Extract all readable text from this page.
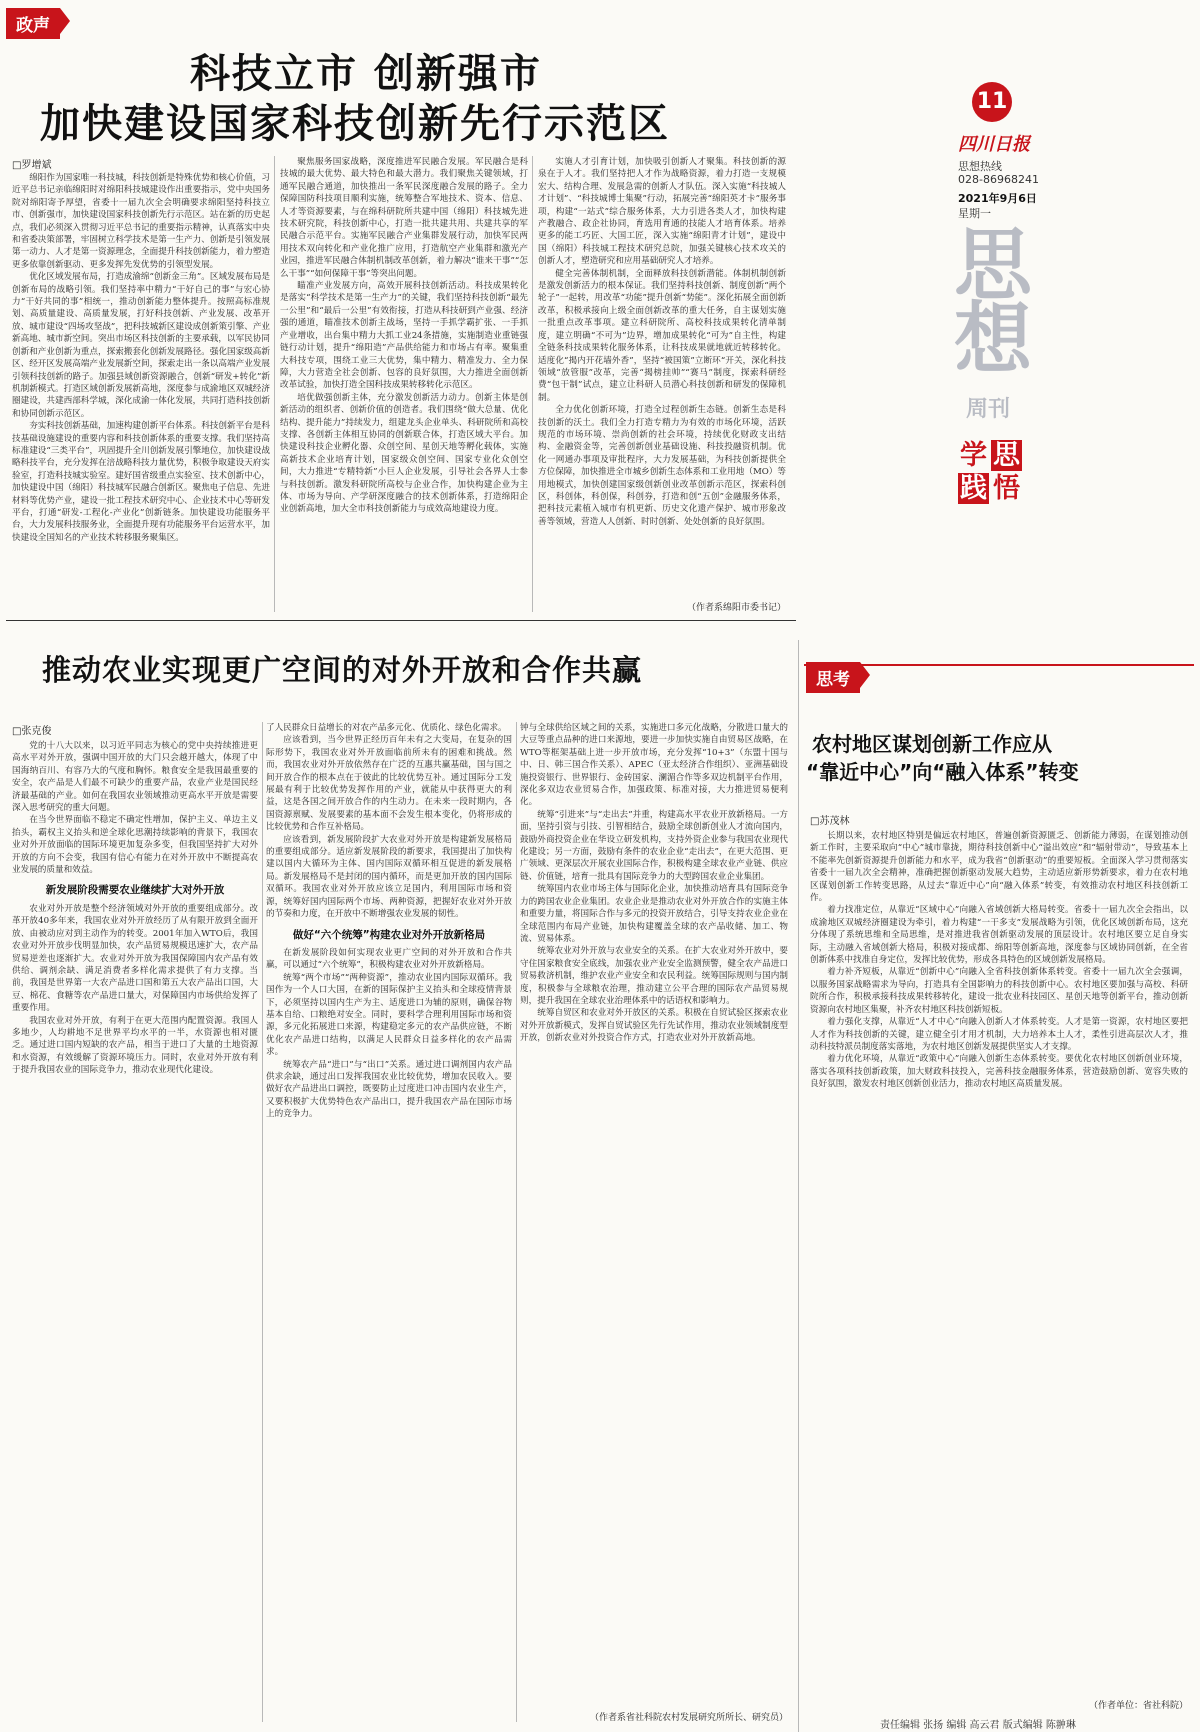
政声
科技立市 创新强市
加快建设国家科技创新先行示范区
□罗增斌

绵阳作为国家唯一科技城，科技创新是特殊优势和核心价值，习近平总书记亲临绵阳时对绵阳科技城建设作出重要指示，党中央国务院对绵阳寄予厚望，省委十一届九次全会明确要求绵阳坚持科技立市、创新强市，加快建设国家科技创新先行示范区。站在新的历史起点，我们必须深入贯彻习近平总书记的重要指示精神，认真落实中央和省委决策部署，牢固树立科学技术是第一生产力、创新是引领发展第一动力、人才是第一资源理念，全面提升科技创新能力，着力塑造更多依靠创新驱动、更多发挥先发优势的引领型发展。

优化区域发展布局，打造成渝绵“创新金三角”。区域发展布局是创新布局的战略引领。我们坚持率中精力“干好自己的事”与宏心协力“干好共同的事”相统一，推动创新能力整体提升。按照高标准规划、高质量建设、高质量发展，打好科技创新、产业发展、改革开放、城市建设“四场攻坚战”，把科技城新区建设成创新策引擎、产业新高地、城市新空间。突出市场区科技创新的主要承载，以军民协同创新和产业创新为重点，探索搬套化创新发展路径。强化国家级高新区、经开区发展高端产业发展新空间，探索走出一条以高端产业发展引领科技创新的路子。加强县域创新资源融合，创新“研发+转化”新机制新模式。打造区域创新发展新高地，深度参与成渝地区双城经济圈建设，共建西部科学城，深化成渝一体化发展，共同打造科技创新和协同创新示范区。

夯实科技创新基础，加速构建创新平台体系。科技创新平台是科技基础设施建设的重要内容和科技创新体系的重要支撑。我们坚持高标准建设“三类平台”，巩固提升全川创新发展引擎地位，加快建设战略科技平台，充分发挥在涪战略科技力量优势，积极争取建设天府实验室，打造科技城实验室。建好国省级重点实验室、技术创新中心，加快建设中国（绵阳）科技城军民融合创新区。聚焦电子信息、先进材料等优势产业，建设一批工程技术研究中心、企业技术中心等研发平台，打通“研发-工程化-产业化”创新链条。加快建设功能服务平台，大力发展科技服务业，全面提升现有功能服务平台运营水平，加快建设全国知名的产业技术转移服务聚集区。

聚焦服务国家战略，深度推进军民融合发展。军民融合是科技城的最大优势、最大特色和最大潜力。我们聚焦关键领域，打通军民融合通道，加快推出一条军民深度融合发展的路子。全力保障国防科技项目顺利实施，统筹整合军地技术、资本、信息、人才等资源要素，与在绵科研院所共建中国（绵阳）科技城先进技术研究院，科技创新中心，打造一批共建共用、共建共享的军民融合示范平台。实施军民融合产业集群发展行动，加快军民两用技术双向转化和产业化推广应用，打造航空产业集群和激光产业园，推进军民融合体制机制改革创新，着力解决“谁来干事”“怎么干事”“如何保障干事”等突出问题。

瞄准产业发展方向，高效开展科技创新活动。科技成果转化是落实“科学技术是第一生产力”的关键，我们坚持科技创新“最先一公里”和“最后一公里”有效衔接，打造从科技研到产业强、经济强的通道，瞄准技术创新主战场，坚持一手抓学霸扩张、一手抓产业增收，出台集中精力大抓工业24条措施，实施制造业重链强链行动计划，提升“绵阳造”产品供给能力和市场占有率。聚集重大科技专项，围绕工业三大优势，集中精力、精准发力、全力保障，大力营造全社会创新、包容的良好氛围，大力推进全面创新改革试验，加快打造全国科技成果转移转化示范区。

培优做强创新主体，充分激发创新活力动力。创新主体是创新活动的组织者、创新价值的创造者。我们围绕“做大总量、优化结构、提升能力”持续发力，组建龙头企业单头、科研院所和高校支撑、各创新主体相互协同的创新联合体，打造区域大平台。加快建设科技企业孵化器、众创空间、星创天地等孵化载体，实施高新技术企业培育计划，国家级众创空间、国家专业化众创空间，大力推进“专精特新”小巨人企业发展，引导社会各界人士参与科技创新。激发科研院所高校与企业合作，加快构建企业为主体、市场为导向、产学研深度融合的技术创新体系，打造绵阳企业创新高地，加大全市科技创新能力与成效高地建设力度。

实施人才引育计划，加快吸引创新人才聚集。科技创新的源泉在于人才。我们坚持把人才作为战略资源，着力打造一支规模宏大、结构合理、发展急需的创新人才队伍。深入实施“科技城人才计划”、“科技城博士集聚”行动，拓展完善“绵阳英才卡”服务事项，构建“一站式”综合服务体系，大力引进各类人才，加快构建产教融合、政企社协同，育选用育通的技能人才培育体系。培养更多的能工巧匠、大国工匠，深入实施“绵阳青才计划”，建设中国（绵阳）科技城工程技术研究总院，加强关键核心技术攻关的创新人才，塑造研究和应用基础研究人才培养。

健全完善体制机制，全面释放科技创新潜能。体制机制创新是激发创新活力的根本保证。我们坚持科技创新、制度创新“两个轮子”一起转，用改革“功能”提升创新“势能”。深化拓展全面创新改革，积极承接向上级全面创新改革的重大任务，自主谋划实施一批重点改革事项。建立科研院所、高校科技成果转化清单制度，建立明确“不可为”边界，增加成果转化“可为”自主性，构建全链条科技成果转化服务体系，让科技成果就地就近转移转化。适度化“揭内开花墙外香”，坚持“被国策”立断环“开关，深化科技领域“放管服”改革，完善“揭榜挂帅”“赛马”制度，探索科研经费“包干制”试点，建立让科研人员潜心科技创新和研发的保障机制。

全力优化创新环境，打造全过程创新生态链。创新生态是科技创新的沃土。我们全力打造专精力为有效的市场化环境，活跃规范的市场环境、崇尚创新的社会环境，持续优化财政支出结构、金融资金等，完善创新创业基础设施、科技投融资机制。优化一网通办事项及审批程序，大力发展基础，为科技创新提供全方位保障，加快推进全市城乡创新生态体系和工业用地（MO）等用地模式，加快创建国家级创新创业改革创新示范区，探索科创区，科创体，科创保，科创券，打造和创“五创”金融服务体系，把科技元素植入城市有机更新、历史文化遗产保护、城市形象改善等领域，营造人人创新、时时创新、处处创新的良好氛围。

（作者系绵阳市委书记）
推动农业实现更广空间的对外开放和合作共赢
□张克俊

党的十八大以来，以习近平同志为核心的党中央持续推进更高水平对外开放，强调中国开放的大门只会越开越大，体现了中国海纳百川、有容乃大的气度和胸怀。粮食安全是我国最重要的安全，农产品是人们最不可缺少的重要产品，农业产业是国民经济最基础的产业。如何在我国农业领域推动更高水平开放是需要深入思考研究的重大问题。

在当今世界面临不稳定不确定性增加，保护主义、单边主义抬头，霸权主义抬头和逆全球化思潮持续影响的背景下，我国农业对外开放面临的国际环境更加复杂多变，但我国坚持扩大对外开放的方向不会变，我国有信心有能力在对外开放中不断提高农业发展的质量和效益。

新发展阶段需要农业继续扩大对外开放

农业对外开放是整个经济领域对外开放的重要组成部分。改革开放40多年来，我国农业对外开放经历了从有限开放到全面开放、由被动应对到主动作为的转变。2001年加入WTO后，我国农业对外开放步伐明显加快，农产品贸易规模迅速扩大，农产品贸易逆差也逐渐扩大。农业对外开放为我国保障国内农产品有效供给、调剂余缺、满足消费者多样化需求提供了有力支撑。当前，我国是世界第一大农产品进口国和第五大农产品出口国，大豆、棉花、食糖等农产品进口量大，对保障国内市场供给发挥了重要作用。

我国农业对外开放，有利于在更大范围内配置资源。我国人多地少，人均耕地不足世界平均水平的一半，水资源也相对匮乏。通过进口国内短缺的农产品，相当于进口了大量的土地资源和水资源，有效缓解了资源环境压力。同时，农业对外开放有利于提升我国农业的国际竞争力，推动农业现代化建设。

了人民群众日益增长的对农产品多元化、优质化、绿色化需求。

应该看到，当今世界正经历百年未有之大变局，在复杂的国际形势下，我国农业对外开放面临前所未有的困难和挑战。然而，我国农业对外开放依然存在广泛的互惠共赢基础，国与国之间开放合作的根本点在于彼此的比较优势互补。通过国际分工发展最有利于比较优势发挥作用的产业，就能从中获得更大的利益，这是各国之间开放合作的内生动力。在未来一段时期内，各国资源禀赋、发展要素的基本面不会发生根本变化，仍将形成的比较优势和合作互补格局。

应该看到，新发展阶段扩大农业对外开放是构建新发展格局的重要组成部分。适应新发展阶段的新要求，我国提出了加快构建以国内大循环为主体、国内国际双循环相互促进的新发展格局。新发展格局不是封闭的国内循环，而是更加开放的国内国际双循环。我国农业对外开放应该立足国内，利用国际市场和资源，统筹好国内国际两个市场、两种资源，把握好农业对外开放的节奏和力度，在开放中不断增强农业发展的韧性。

做好“六个统筹”构建农业对外开放新格局

在新发展阶段如何实现农业更广空间的对外开放和合作共赢，可以通过“六个统筹”，积极构建农业对外开放新格局。

统筹“两个市场”“两种资源”，推动农业国内国际双循环。我国作为一个人口大国，在新的国际保护主义抬头和全球疫情背景下，必须坚持以国内生产为主、适度进口为辅的原则，确保谷物基本自给、口粮绝对安全。同时，要科学合理利用国际市场和资源，多元化拓展进口来源，构建稳定多元的农产品供应链，不断优化农产品进口结构，以满足人民群众日益多样化的农产品需求。

统筹农产品“进口”与“出口”关系。通过进口调剂国内农产品供求余缺，通过出口发挥我国农业比较优势，增加农民收入。要做好农产品进出口调控，既要防止过度进口冲击国内农业生产，又要积极扩大优势特色农产品出口，提升我国农产品在国际市场上的竞争力。

钟与全球供给区域之间的关系，实施进口多元化战略，分散进口量大的大豆等重点品种的进口来源地，要进一步加快实施自由贸易区战略，在WTO等框架基础上进一步开放市场，充分发挥“10+3”（东盟十国与中、日、韩三国合作关系）、APEC（亚太经济合作组织）、亚洲基础设施投资银行、世界银行、金砖国家、澜湄合作等多双边机制平台作用，深化多双边农业贸易合作，加强政策、标准对接，大力推进贸易便利化。

统筹“引进来”与“走出去”并重，构建高水平农业开放新格局。一方面，坚持引资与引技、引智相结合，鼓励全球创新创业人才流向国内，鼓励外商投资企业在华设立研发机构，支持外资企业参与我国农业现代化建设；另一方面，鼓励有条件的农业企业“走出去”，在更大范围、更广领域、更深层次开展农业国际合作，积极构建全球农业产业链、供应链、价值链，培育一批具有国际竞争力的大型跨国农业企业集团。

统筹国内农业市场主体与国际化企业，加快推动培育具有国际竞争力的跨国农业企业集团。农业企业是推动农业对外开放合作的实施主体和重要力量，将国际合作与多元的投资开放结合，引导支持农业企业在全球范围内布局产业链，加快构建覆盖全球的农产品收储、加工、物流、贸易体系。

统筹农业对外开放与农业安全的关系。在扩大农业对外开放中，要守住国家粮食安全底线，加强农业产业安全监测预警，健全农产品进口贸易救济机制，维护农业产业安全和农民利益。统筹国际规则与国内制度，积极参与全球粮农治理，推动建立公平合理的国际农产品贸易规则，提升我国在全球农业治理体系中的话语权和影响力。

统筹自贸区和农业对外开放区的关系。积极在自贸试验区探索农业对外开放新模式，发挥自贸试验区先行先试作用，推动农业领域制度型开放，创新农业对外投资合作方式，打造农业对外开放新高地。

（作者系省社科院农村发展研究所所长、研究员）
11
四川日报
思想热线
028-86968241
2021年9月6日
星期一
思
想
周刊
学 思
践 悟
思考
农村地区谋划创新工作应从
“靠近中心”向“融入体系”转变
□苏茂林

长期以来，农村地区特别是偏远农村地区，普遍创新资源匮乏、创新能力薄弱，在谋划推动创新工作时，主要采取向“中心”城市靠拢，期待科技创新中心“溢出效应”和“辐射带动”，导致基本上不能率先创新资源提升创新能力和水平，成为我省“创新驱动”的重要短板。全面深入学习贯彻落实省委十一届九次全会精神，准确把握创新驱动发展大趋势，主动适应新形势新要求，着力在农村地区谋划创新工作转变思路，从过去“靠近中心”向“融入体系”转变，有效推动农村地区科技创新工作。

着力找准定位，从靠近“区域中心”向融入省域创新大格局转变。省委十一届九次全会指出，以成渝地区双城经济圈建设为牵引，着力构建“一干多支”发展战略为引领，优化区域创新布局，这充分体现了系统思维和全局思维，是对推进我省创新驱动发展的顶层设计。农村地区要立足自身实际，主动融入省域创新大格局，积极对接成都、绵阳等创新高地，深度参与区域协同创新，在全省创新体系中找准自身定位，发挥比较优势，形成各具特色的区域创新发展格局。

着力补齐短板，从靠近“创新中心”向融入全省科技创新体系转变。省委十一届九次全会强调，以服务国家战略需求为导向，打造具有全国影响力的科技创新中心。农村地区要加强与高校、科研院所合作，积极承接科技成果转移转化，建设一批农业科技园区、星创天地等创新平台，推动创新资源向农村地区集聚，补齐农村地区科技创新短板。

着力强化支撑，从靠近“人才中心”向融入创新人才体系转变。人才是第一资源，农村地区要把人才作为科技创新的关键，建立健全引才用才机制，大力培养本土人才，柔性引进高层次人才，推动科技特派员制度落实落地，为农村地区创新发展提供坚实人才支撑。

着力优化环境，从靠近“政策中心”向融入创新生态体系转变。要优化农村地区创新创业环境，落实各项科技创新政策，加大财政科技投入，完善科技金融服务体系，营造鼓励创新、宽容失败的良好氛围，激发农村地区创新创业活力，推动农村地区高质量发展。

（作者单位：省社科院）
责任编辑 张扬 编辑 高云君 版式编辑 陈翀琳
